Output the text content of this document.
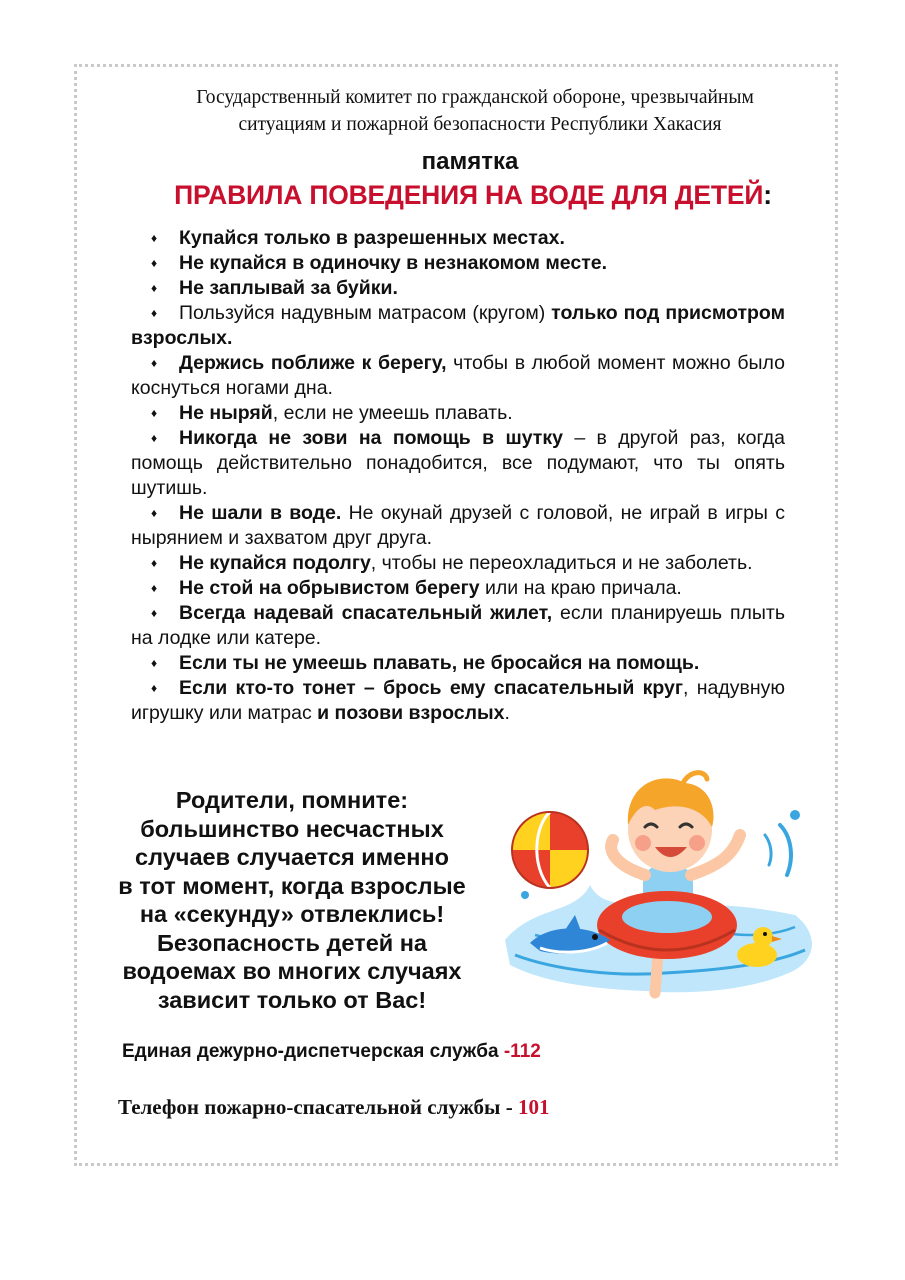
Государственный комитет по гражданской обороне, чрезвычайным
ситуациям и пожарной безопасности Республики Хакасия
памятка
ПРАВИЛА ПОВЕДЕНИЯ НА ВОДЕ ДЛЯ ДЕТЕЙ:

♦ Купайся только в разрешенных местах.

♦ Не купайся в одиночку в незнакомом месте.

♦ Не заплывай за буйки.

♦ Пользуйся надувным матрасом (кругом) только под присмотром взрослых.

♦ Держись поближе к берегу, чтобы в любой момент можно было коснуться ногами дна.

♦ Не ныряй, если не умеешь плавать.

♦ Никогда не зови на помощь в шутку – в другой раз, когда помощь действительно понадобится, все подумают, что ты опять шутишь.

♦ Не шали в воде. Не окунай друзей с головой, не играй в игры с нырянием и захватом друг друга.

♦ Не купайся подолгу, чтобы не переохладиться и не заболеть.

♦ Не стой на обрывистом берегу или на краю причала.

♦ Всегда надевай спасательный жилет, если планируешь плыть на лодке или катере.

♦ Если ты не умеешь плавать, не бросайся на помощь.

♦ Если кто-то тонет – брось ему спасательный круг, надувную игрушку или матрас и позови взрослых.

Родители, помните:
большинство несчастных
случаев случается именно
в тот момент, когда взрослые
на «секунду» отвлеклись!
Безопасность детей на
водоемах во многих случаях
зависит только от Вас!
Единая дежурно-диспетчерская служба -112
Телефон пожарно-спасательной службы - 101
